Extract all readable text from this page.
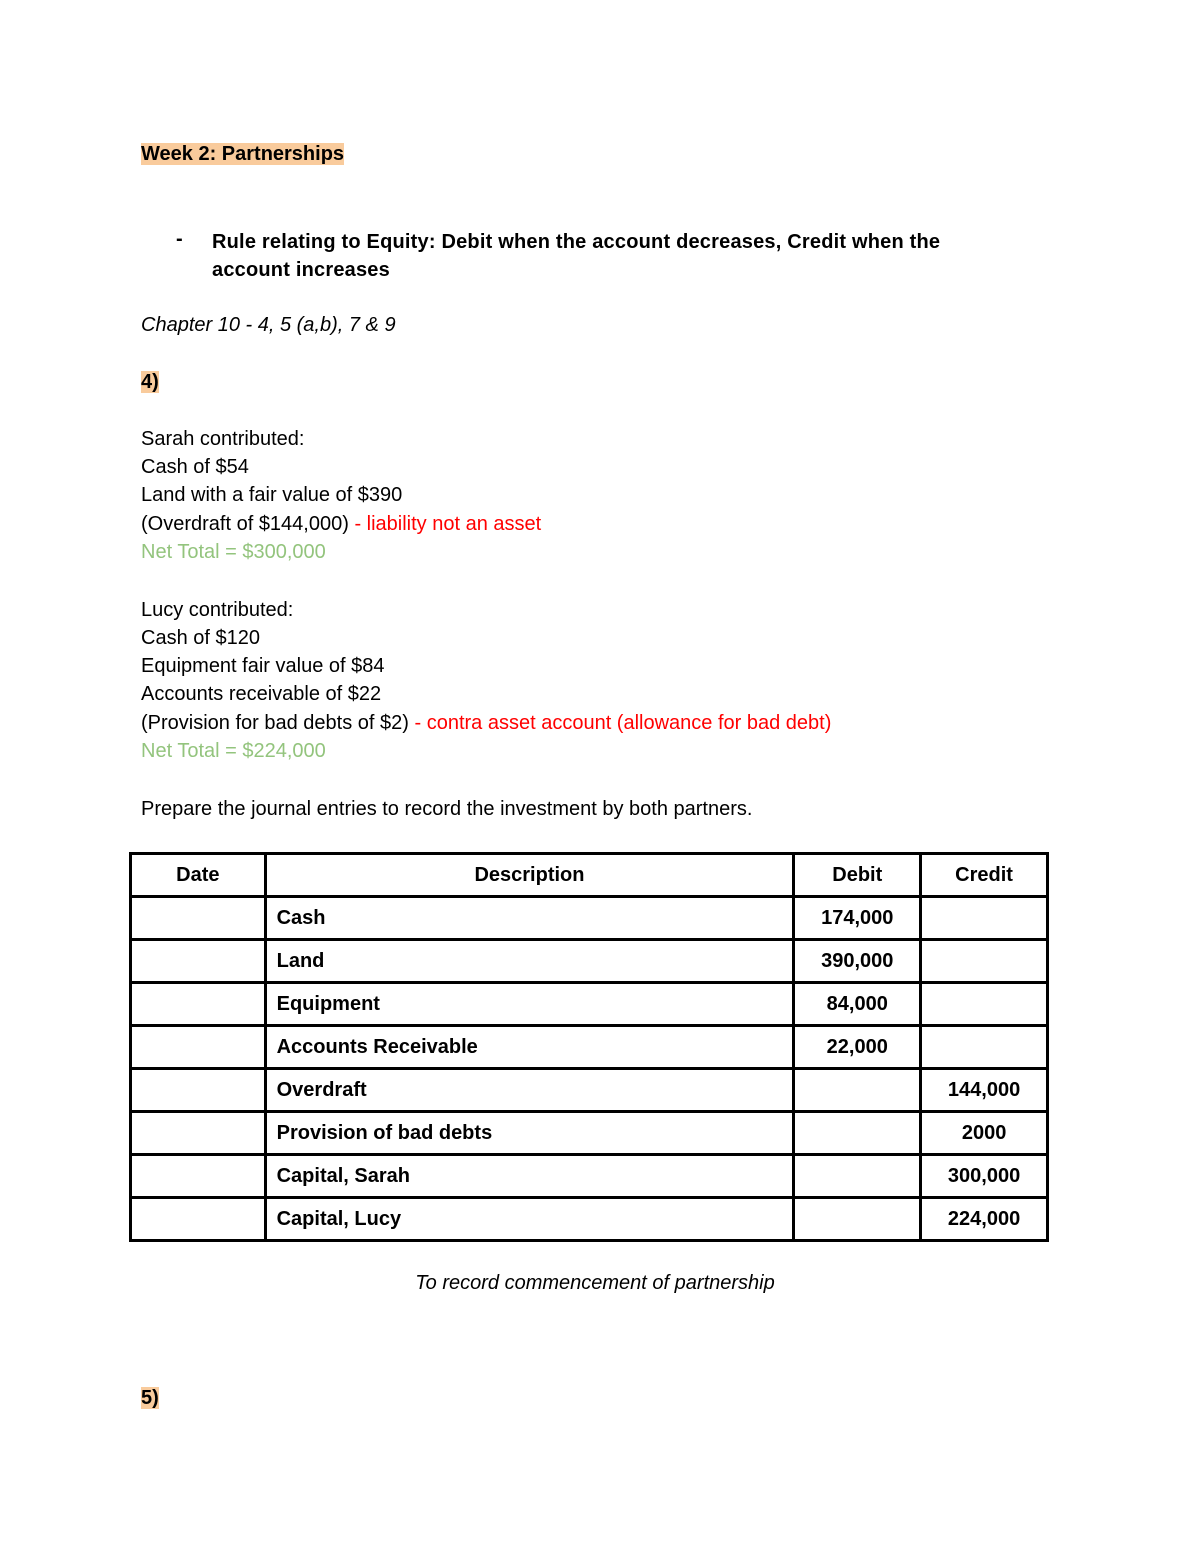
Week 2: Partnerships
- Rule relating to Equity: Debit when the account decreases, Credit when the account increases
Chapter 10 - 4, 5 (a,b), 7 & 9
4)
Sarah contributed:
Cash of $54
Land with a fair value of $390
(Overdraft of $144,000) - liability not an asset
Net Total = $300,000
Lucy contributed:
Cash of $120
Equipment fair value of $84
Accounts receivable of $22
(Provision for bad debts of $2) - contra asset account (allowance for bad debt)
Net Total = $224,000
Prepare the journal entries to record the investment by both partners.
Date	Description	Debit	Credit
	Cash	174,000	
	Land	390,000	
	Equipment	84,000	
	Accounts Receivable	22,000	
	Overdraft		144,000
	Provision of bad debts		2000
	Capital, Sarah		300,000
	Capital, Lucy		224,000
To record commencement of partnership
5)
